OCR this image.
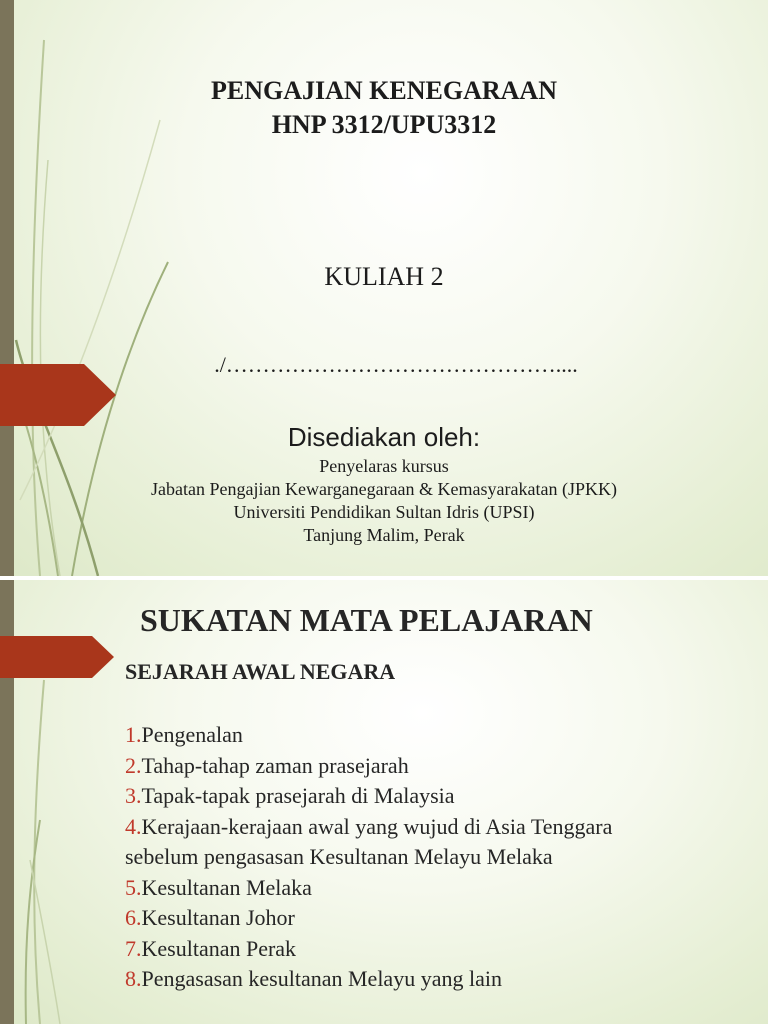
PENGAJIAN KENEGARAAN
HNP 3312/UPU3312
KULIAH 2
./………………………………………....
Disediakan oleh:
Penyelaras kursus
Jabatan Pengajian Kewarganegaraan & Kemasyarakatan (JPKK)
Universiti Pendidikan Sultan Idris (UPSI)
Tanjung Malim, Perak
SUKATAN MATA PELAJARAN
SEJARAH AWAL NEGARA

1.Pengenalan

2.Tahap-tahap zaman prasejarah

3.Tapak-tapak prasejarah di Malaysia

4.Kerajaan-kerajaan awal yang wujud di Asia Tenggara sebelum pengasasan Kesultanan Melayu Melaka

5.Kesultanan Melaka

6.Kesultanan Johor

7.Kesultanan Perak

8.Pengasasan kesultanan Melayu yang lain
